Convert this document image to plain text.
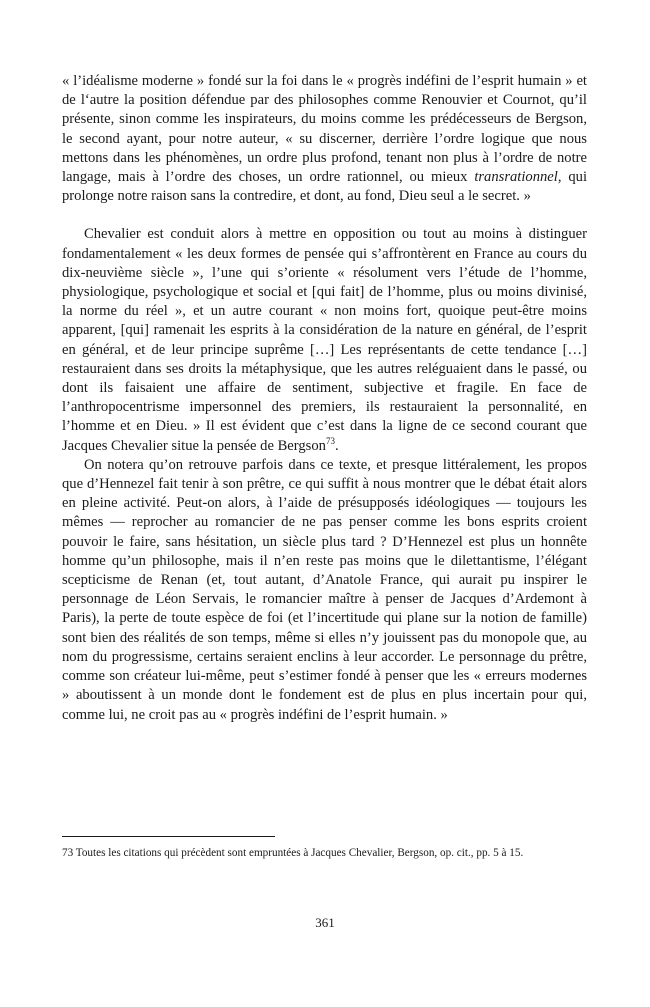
« l’idéalisme moderne » fondé sur la foi dans le « progrès indéfini de l’esprit humain » et de l‘autre la position défendue par des philosophes comme Renouvier et Cournot, qu’il présente, sinon comme les inspirateurs, du moins comme les prédécesseurs de Bergson, le second ayant, pour notre auteur, « su discerner, derrière l’ordre logique que nous mettons dans les phénomènes, un ordre plus profond, tenant non plus à l’ordre de notre langage, mais à l’ordre des choses, un ordre rationnel, ou mieux transrationnel, qui prolonge notre raison sans la contredire, et dont, au fond, Dieu seul a le secret. »

Chevalier est conduit alors à mettre en opposition ou tout au moins à distinguer fondamentalement « les deux formes de pensée qui s’affrontèrent en France au cours du dix-neuvième siècle », l’une qui s’oriente « résolument vers l’étude de l’homme, physiologique, psychologique et social et [qui fait] de l’homme, plus ou moins divinisé, la norme du réel », et un autre courant « non moins fort, quoique peut-être moins apparent, [qui] ramenait les esprits à la considération de la nature en général, de l’esprit en général, et de leur principe suprême […] Les représentants de cette tendance […] restauraient dans ses droits la métaphysique, que les autres reléguaient dans le passé, ou dont ils faisaient une affaire de sentiment, subjective et fragile. En face de l’anthropocentrisme impersonnel des premiers, ils restauraient la personnalité, en l’homme et en Dieu. » Il est évident que c’est dans la ligne de ce second courant que Jacques Chevalier situe la pensée de Bergson$^{73}$.

On notera qu’on retrouve parfois dans ce texte, et presque littéralement, les propos que d’Hennezel fait tenir à son prêtre, ce qui suffit à nous montrer que le débat était alors en pleine activité. Peut-on alors, à l’aide de présupposés idéologiques — toujours les mêmes — reprocher au romancier de ne pas penser comme les bons esprits croient pouvoir le faire, sans hésitation, un siècle plus tard ? D’Hennezel est plus un honnête homme qu’un philosophe, mais il n’en reste pas moins que le dilettantisme, l’élégant scepticisme de Renan (et, tout autant, d’Anatole France, qui aurait pu inspirer le personnage de Léon Servais, le romancier maître à penser de Jacques d’Ardemont à Paris), la perte de toute espèce de foi (et l’incertitude qui plane sur la notion de famille) sont bien des réalités de son temps, même si elles n’y jouissent pas du monopole que, au nom du progressisme, certains seraient enclins à leur accorder. Le personnage du prêtre, comme son créateur lui-même, peut s’estimer fondé à penser que les « erreurs modernes » aboutissent à un monde dont le fondement est de plus en plus incertain pour qui, comme lui, ne croit pas au « progrès indéfini de l’esprit humain. »

73 Toutes les citations qui précèdent sont empruntées à Jacques Chevalier, Bergson, op. cit., pp. 5 à 15.
361
